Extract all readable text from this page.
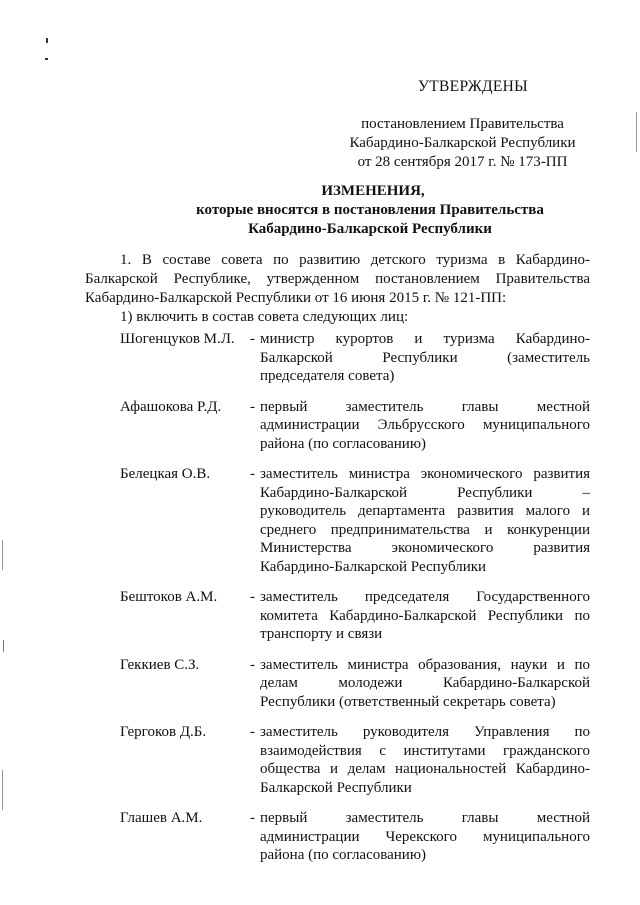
УТВЕРЖДЕНЫ
постановлением Правительства
Кабардино-Балкарской Республики
от 28 сентября 2017 г. № 173-ПП
ИЗМЕНЕНИЯ,
которые вносятся в постановления Правительства
Кабардино-Балкарской Республики
1. В составе совета по развитию детского туризма в Кабардино-Балкарской Республике, утвержденном постановлением Правительства Кабардино-Балкарской Республики от 16 июня 2015 г. № 121-ПП:
1) включить в состав совета следующих лиц:
Шогенцуков М.Л.	- министр курортов и туризма Кабардино-
Балкарской Республики (заместитель
председателя совета)
Афашокова Р.Д.	- первый заместитель главы местной
администрации Эльбрусского муниципального
района (по согласованию)
Белецкая О.В.	- заместитель министра экономического развития
Кабардино-Балкарской Республики –
руководитель департамента развития малого и
среднего предпринимательства и конкуренции
Министерства экономического развития
Кабардино-Балкарской Республики
Бештоков А.М.	- заместитель председателя Государственного
комитета Кабардино-Балкарской Республики по
транспорту и связи
Геккиев С.З.	- заместитель министра образования, науки и по
делам молодежи Кабардино-Балкарской
Республики (ответственный секретарь совета)
Гергоков Д.Б.	- заместитель руководителя Управления по
взаимодействия с институтами гражданского
общества и делам национальностей Кабардино-
Балкарской Республики
Глашев А.М.	- первый заместитель главы местной
администрации Черекского муниципального
района (по согласованию)
